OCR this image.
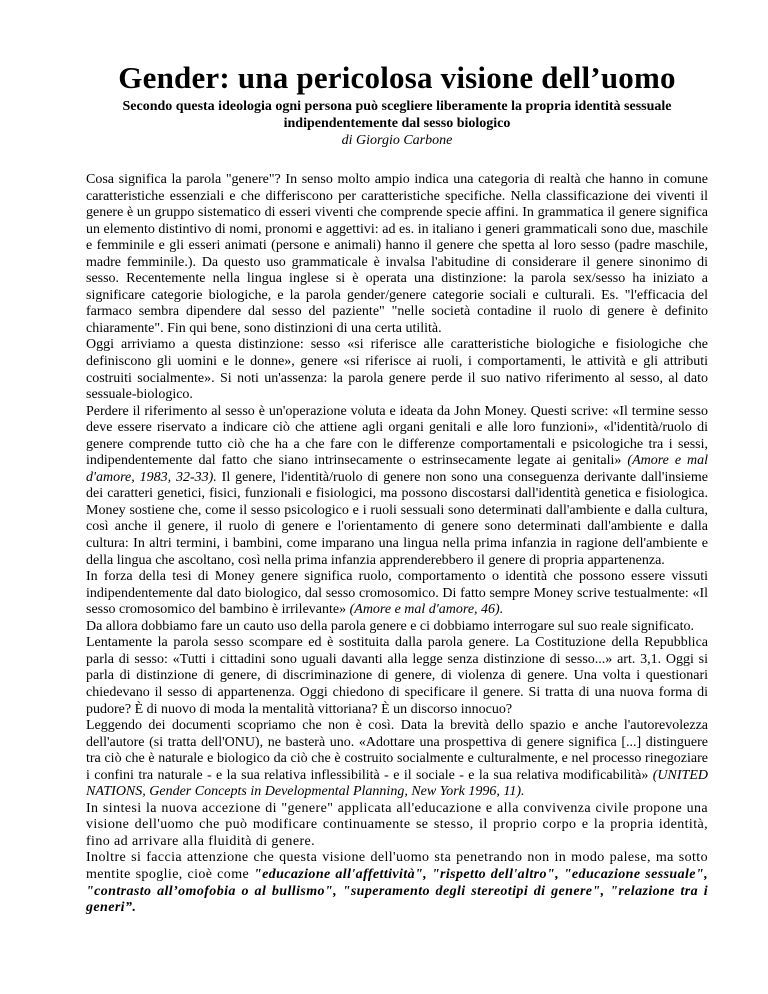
Gender: una pericolosa visione dell’uomo

Secondo questa ideologia ogni persona può scegliere liberamente la propria identità sessuale indipendentemente dal sesso biologico

di Giorgio Carbone

Cosa significa la parola "genere"? In senso molto ampio indica una categoria di realtà che hanno in comune caratteristiche essenziali e che differiscono per caratteristiche specifiche. Nella classificazione dei viventi il genere è un gruppo sistematico di esseri viventi che comprende specie affini. In grammatica il genere significa un elemento distintivo di nomi, pronomi e aggettivi: ad es. in italiano i generi grammaticali sono due, maschile e femminile e gli esseri animati (persone e animali) hanno il genere che spetta al loro sesso (padre maschile, madre femminile.). Da questo uso grammaticale è invalsa l'abitudine di considerare il genere sinonimo di sesso. Recentemente nella lingua inglese si è operata una distinzione: la parola sex/sesso ha iniziato a significare categorie biologiche, e la parola gender/genere categorie sociali e culturali. Es. "l'efficacia del farmaco sembra dipendere dal sesso del paziente" "nelle società contadine il ruolo di genere è definito chiaramente". Fin qui bene, sono distinzioni di una certa utilità.

Oggi arriviamo a questa distinzione: sesso «si riferisce alle caratteristiche biologiche e fisiologiche che definiscono gli uomini e le donne», genere «si riferisce ai ruoli, i comportamenti, le attività e gli attributi costruiti socialmente». Si noti un'assenza: la parola genere perde il suo nativo riferimento al sesso, al dato sessuale-biologico.

Perdere il riferimento al sesso è un'operazione voluta e ideata da John Money. Questi scrive: «Il termine sesso deve essere riservato a indicare ciò che attiene agli organi genitali e alle loro funzioni», «l'identità/ruolo di genere comprende tutto ciò che ha a che fare con le differenze comportamentali e psicologiche tra i sessi, indipendentemente dal fatto che siano intrinsecamente o estrinsecamente legate ai genitali» (Amore e mal d'amore, 1983, 32-33). Il genere, l'identità/ruolo di genere non sono una conseguenza derivante dall'insieme dei caratteri genetici, fisici, funzionali e fisiologici, ma possono discostarsi dall'identità genetica e fisiologica. Money sostiene che, come il sesso psicologico e i ruoli sessuali sono determinati dall'ambiente e dalla cultura, così anche il genere, il ruolo di genere e l'orientamento di genere sono determinati dall'ambiente e dalla cultura: In altri termini, i bambini, come imparano una lingua nella prima infanzia in ragione dell'ambiente e della lingua che ascoltano, così nella prima infanzia apprenderebbero il genere di propria appartenenza.

In forza della tesi di Money genere significa ruolo, comportamento o identità che possono essere vissuti indipendentemente dal dato biologico, dal sesso cromosomico. Di fatto sempre Money scrive testualmente: «Il sesso cromosomico del bambino è irrilevante» (Amore e mal d'amore, 46).

Da allora dobbiamo fare un cauto uso della parola genere e ci dobbiamo interrogare sul suo reale significato.

Lentamente la parola sesso scompare ed è sostituita dalla parola genere. La Costituzione della Repubblica parla di sesso: «Tutti i cittadini sono uguali davanti alla legge senza distinzione di sesso...» art. 3,1. Oggi si parla di distinzione di genere, di discriminazione di genere, di violenza di genere. Una volta i questionari chiedevano il sesso di appartenenza. Oggi chiedono di specificare il genere. Si tratta di una nuova forma di pudore? È di nuovo di moda la mentalità vittoriana? È un discorso innocuo?

Leggendo dei documenti scopriamo che non è così. Data la brevità dello spazio e anche l'autorevolezza dell'autore (si tratta dell'ONU), ne basterà uno. «Adottare una prospettiva di genere significa [...] distinguere tra ciò che è naturale e biologico da ciò che è costruito socialmente e culturalmente, e nel processo rinegoziare i confini tra naturale - e la sua relativa inflessibilità - e il sociale - e la sua relativa modificabilità» (UNITED NATIONS, Gender Concepts in Developmental Planning, New York 1996, 11).

In sintesi la nuova accezione di "genere" applicata all'educazione e alla convivenza civile propone una visione dell'uomo che può modificare continuamente se stesso, il proprio corpo e la propria identità, fino ad arrivare alla fluidità di genere.

Inoltre si faccia attenzione che questa visione dell'uomo sta penetrando non in modo palese, ma sotto mentite spoglie, cioè come "educazione all'affettività", "rispetto dell'altro", "educazione sessuale", "contrasto all’omofobia o al bullismo", "superamento degli stereotipi di genere", "relazione tra i generi”.
